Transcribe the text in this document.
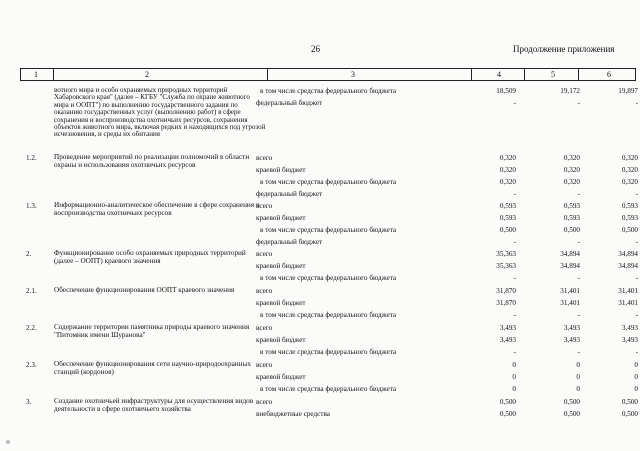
26	Продолжение приложения
1	2	3	4	5	6
вотного мира и особо охраняемых природных территорий Хабаровского края" (далее – КГБУ "Служба по охране животного мира и ООПТ") по выполнению государственного задания по оказанию государственных услуг (выполнению работ) в сфере сохранения и воспроизводства охотничьих ресурсов, сохранения объектов животного мира, включая редких и находящихся под угрозой исчезновения, и среды их обитания
в том числе средства федерального бюджета	18,509	19,172	19,897
федеральный бюджет	-	-	-
1.2.	Проведение мероприятий по реализации полномочий в области охраны и использования охотничьих ресурсов
всего	0,320	0,320	0,320
краевой бюджет	0,320	0,320	0,320
в том числе средства федерального бюджета	0,320	0,320	0,320
федеральный бюджет	-	-	-
1.3.	Информационно-аналитическое обеспечение в сфере сохранения и воспроизводства охотничьих ресурсов
всего	0,593	0,593	0,593
краевой бюджет	0,593	0,593	0,593
в том числе средства федерального бюджета	0,500	0,500	0,500
федеральный бюджет	-	-	-
2.	Функционирование особо охраняемых природных территорий (далее – ООПТ) краевого значения
всего	35,363	34,894	34,894
краевой бюджет	35,363	34,894	34,894
в том числе средства федерального бюджета	-	-	-
2.1.	Обеспечение функционирования ООПТ краевого значения	всего	31,870	31,401	31,401
краевой бюджет	31,870	31,401	31,401
в том числе средства федерального бюджета	-	-	-
2.2.	Содержание территории памятника природы краевого значения "Питомник имени Шуранова"
всего	3,493	3,493	3,493
краевой бюджет	3,493	3,493	3,493
в том числе средства федерального бюджета	-	-	-
2.3.	Обеспечение функционирования сети научно-природоохранных станций (кордонов)
всего	0	0	0
краевой бюджет	0	0	0
в том числе средства федерального бюджета	0	0	0
3.	Создание охотничьей инфраструктуры для осуществления видов деятельности в сфере охотничьего хозяйства
всего	0,500	0,500	0,500
внебюджетные средства	0,500	0,500	0,500
